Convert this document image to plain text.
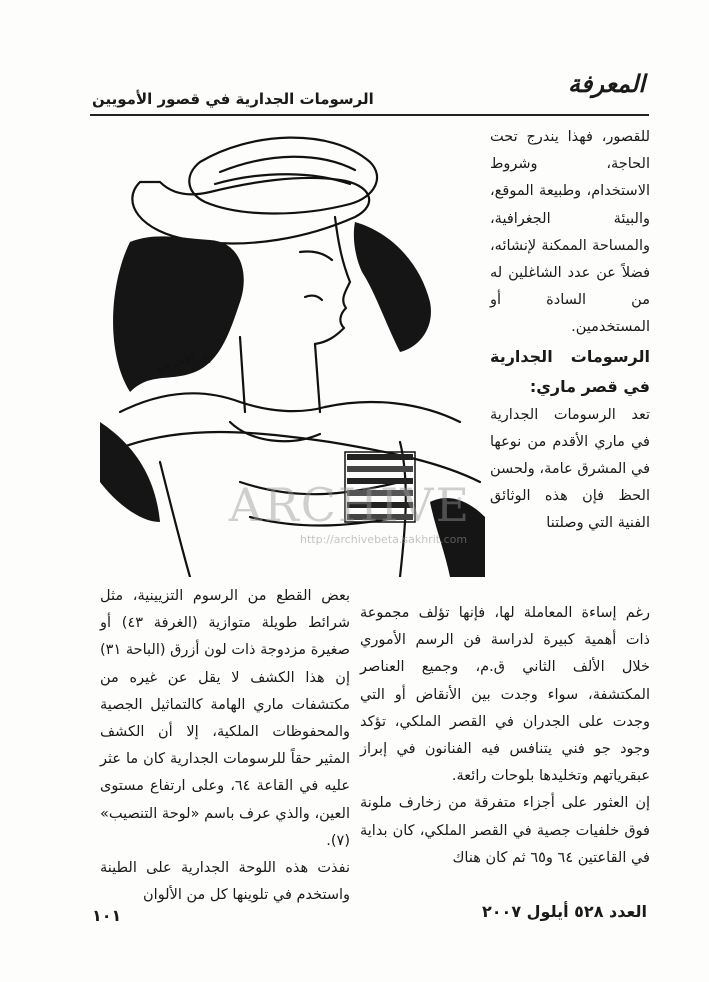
المعرفة
الرسومات الجدارية في قصور الأمويين
ع. الأخرس
ARCHIVE
http://archivebeta.sakhrit.com

للقصور، فهذا يندرج تحت الحاجة، وشروط الاستخدام، وطبيعة الموقع، والبيئة الجغرافية، والمساحة الممكنة لإنشائه، فضلاً عن عدد الشاغلين له من السادة أو المستخدمين.

الرسومات الجدارية في قصر ماري:

تعد الرسومات الجدارية في ماري الأقدم من نوعها في المشرق عامة، ولحسن الحظ فإن هذه الوثائق الفنية التي وصلتنا

رغم إساءة المعاملة لها، فإنها تؤلف مجموعة ذات أهمية كبيرة لدراسة فن الرسم الأموري خلال الألف الثاني ق.م، وجميع العناصر المكتشفة، سواء وجدت بين الأنقاض أو التي وجدت على الجدران في القصر الملكي، تؤكد وجود جو فني يتنافس فيه الفنانون في إبراز عبقرياتهم وتخليدها بلوحات رائعة.

إن العثور على أجزاء متفرقة من زخارف ملونة فوق خلفيات جصية في القصر الملكي، كان بداية في القاعتين ٦٤ و٦٥ ثم كان هناك

بعض القطع من الرسوم التزيينية، مثل شرائط طويلة متوازية (الغرفة ٤٣) أو صغيرة مزدوجة ذات لون أزرق (الباحة ٣١) إن هذا الكشف لا يقل عن غيره من مكتشفات ماري الهامة كالتماثيل الجصية والمحفوظات الملكية، إلا أن الكشف المثير حقاً للرسومات الجدارية كان ما عثر عليه في القاعة ٦٤، وعلى ارتفاع مستوى العين، والذي عرف باسم «لوحة التنصيب» (٧).

نفذت هذه اللوحة الجدارية على الطينة واستخدم في تلوينها كل من الألوان

١٠١	العدد ٥٢٨ أيلول ٢٠٠٧
